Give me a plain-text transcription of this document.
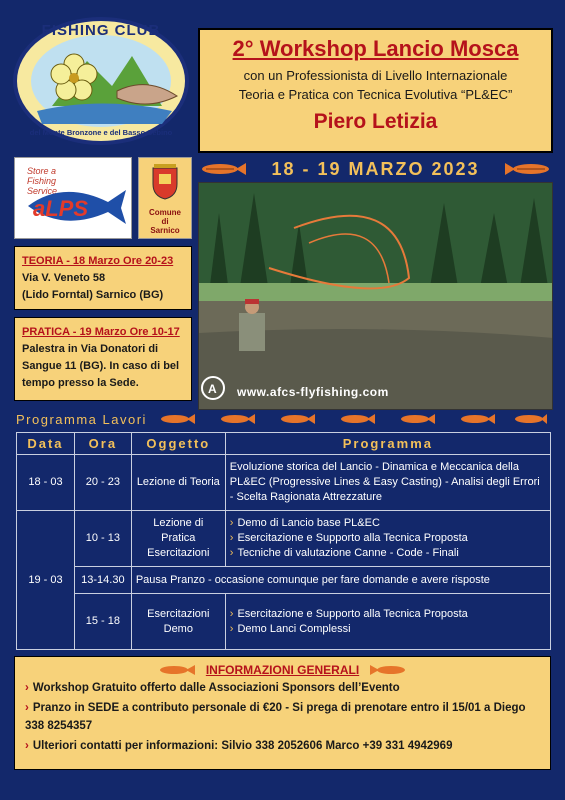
FISHING CLUB
del Monte Bronzone e del Basso Sebino
2° Workshop Lancio Mosca
con un Professionista di Livello Internazionale
Teoria e Pratica con Tecnica Evolutiva “PL&EC”
Piero Letizia
18 - 19 MARZO 2023
Store a Fishing Service
aLPS	Comune
di
Sarnico
TEORIA - 18 Marzo Ore 20-23
Via V. Veneto 58
(Lido Forntal) Sarnico (BG)
PRATICA - 19 Marzo Ore 10-17
Palestra in Via Donatori di Sangue 11 (BG). In caso di bel tempo presso la Sede.	A www.afcs-flyfishing.com
Programma Lavori
Data	Ora	Oggetto	Programma
18 - 03	20 - 23	Lezione di Teoria	Evoluzione storica del Lancio - Dinamica e Meccanica della PL&EC (Progressive Lines & Easy Casting) - Analisi degli Errori - Scelta Ragionata Attrezzature
19 - 03	10 - 13	Lezione di Pratica Esercitazioni	› Demo di Lancio base PL&EC
› Esercitazione e Supporto alla Tecnica Proposta
› Tecniche di valutazione Canne - Code - Finali

	13-14.30	Pausa Pranzo - occasione comunque per fare domande e avere risposte	
	15 - 18	Esercitazioni Demo	› Esercitazione e Supporto alla Tecnica Proposta
› Demo Lanci Complessi
INFORMAZIONI GENERALI
› Workshop Gratuito offerto dalle Associazioni Sponsors dell’Evento
› Pranzo in SEDE a contributo personale di €20 - Si prega di prenotare entro il 15/01 a Diego 338 8254357
› Ulteriori contatti per informazioni: Silvio 338 2052606 Marco +39 331 4942969
